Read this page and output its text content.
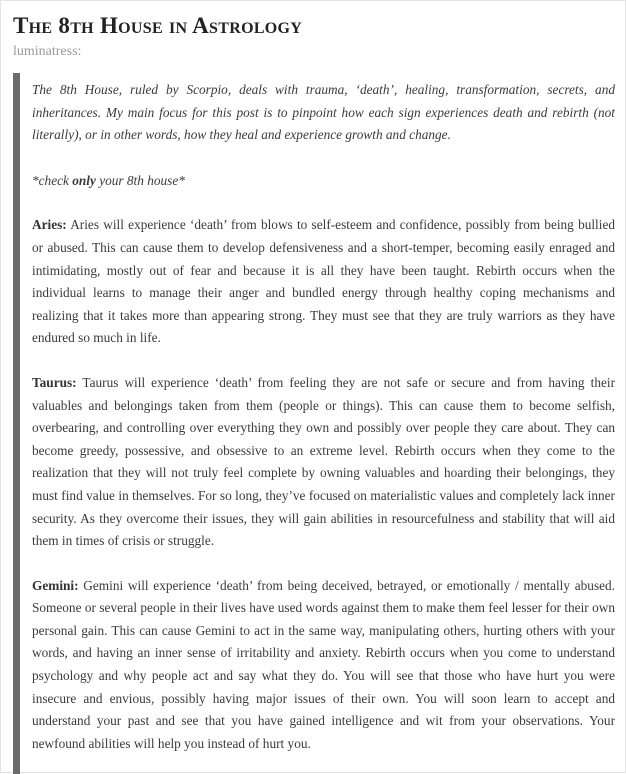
The 8th House in Astrology
luminatress:

The 8th House, ruled by Scorpio, deals with trauma, ‘death’, healing, transformation, secrets, and inheritances. My main focus for this post is to pinpoint how each sign experiences death and rebirth (not literally), or in other words, how they heal and experience growth and change.

*check only your 8th house*

Aries: Aries will experience ‘death’ from blows to self-esteem and confidence, possibly from being bullied or abused. This can cause them to develop defensiveness and a short-temper, becoming easily enraged and intimidating, mostly out of fear and because it is all they have been taught. Rebirth occurs when the individual learns to manage their anger and bundled energy through healthy coping mechanisms and realizing that it takes more than appearing strong. They must see that they are truly warriors as they have endured so much in life.

Taurus: Taurus will experience ‘death’ from feeling they are not safe or secure and from having their valuables and belongings taken from them (people or things). This can cause them to become selfish, overbearing, and controlling over everything they own and possibly over people they care about. They can become greedy, possessive, and obsessive to an extreme level. Rebirth occurs when they come to the realization that they will not truly feel complete by owning valuables and hoarding their belongings, they must find value in themselves. For so long, they’ve focused on materialistic values and completely lack inner security. As they overcome their issues, they will gain abilities in resourcefulness and stability that will aid them in times of crisis or struggle.

Gemini: Gemini will experience ‘death’ from being deceived, betrayed, or emotionally / mentally abused. Someone or several people in their lives have used words against them to make them feel lesser for their own personal gain. This can cause Gemini to act in the same way, manipulating others, hurting others with your words, and having an inner sense of irritability and anxiety. Rebirth occurs when you come to understand psychology and why people act and say what they do. You will see that those who have hurt you were insecure and envious, possibly having major issues of their own. You will soon learn to accept and understand your past and see that you have gained intelligence and wit from your observations. Your newfound abilities will help you instead of hurt you.
